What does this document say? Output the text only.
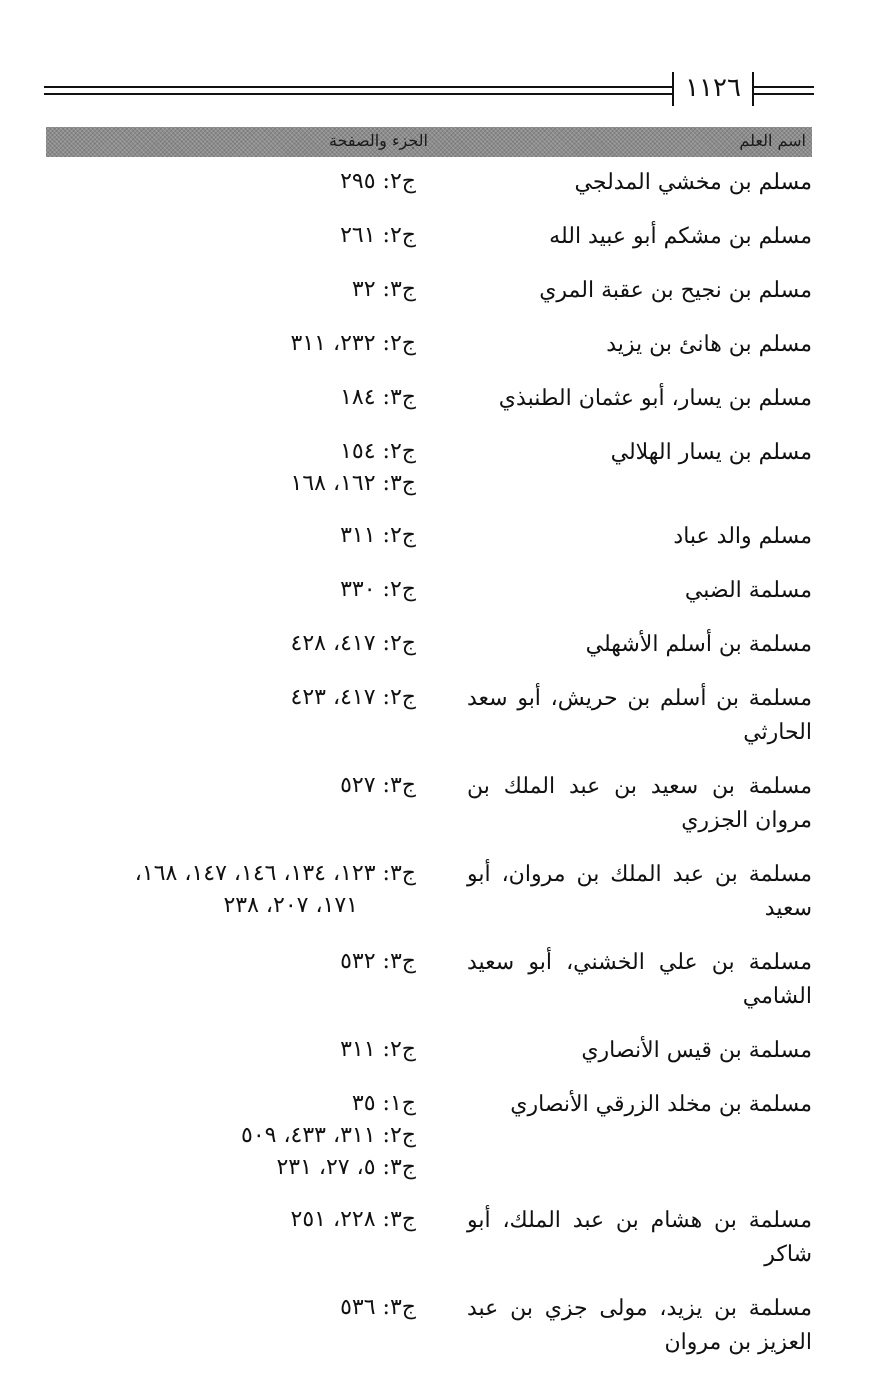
١١٢٦
اسم العلم
الجزء والصفحة
مسلم بن مخشي المدلجي
ج٢: ٢٩٥
مسلم بن مشكم أبو عبيد الله
ج٢: ٢٦١
مسلم بن نجيح بن عقبة المري
ج٣: ٣٢
مسلم بن هانئ بن يزيد
ج٢: ٢٣٢، ٣١١
مسلم بن يسار، أبو عثمان الطنبذي
ج٣: ١٨٤
مسلم بن يسار الهلالي
ج٢: ١٥٤
ج٣: ١٦٢، ١٦٨
مسلم والد عباد
ج٢: ٣١١
مسلمة الضبي
ج٢: ٣٣٠
مسلمة بن أسلم الأشهلي
ج٢: ٤١٧، ٤٢٨
مسلمة بن أسلم بن حريش، أبو سعد الحارثي
ج٢: ٤١٧، ٤٢٣
مسلمة بن سعيد بن عبد الملك بن مروان الجزري
ج٣: ٥٢٧
مسلمة بن عبد الملك بن مروان، أبو سعيد
ج٣: ١٢٣، ١٣٤، ١٤٦، ١٤٧، ١٦٨،
١٧١، ٢٠٧، ٢٣٨
مسلمة بن علي الخشني، أبو سعيد الشامي
ج٣: ٥٣٢
مسلمة بن قيس الأنصاري
ج٢: ٣١١
مسلمة بن مخلد الزرقي الأنصاري
ج١: ٣٥
ج٢: ٣١١، ٤٣٣، ٥٠٩
ج٣: ٥، ٢٧، ٢٣١
مسلمة بن هشام بن عبد الملك، أبو شاكر
ج٣: ٢٢٨، ٢٥١
مسلمة بن يزيد، مولى جزي بن عبد العزيز بن مروان
ج٣: ٥٣٦
